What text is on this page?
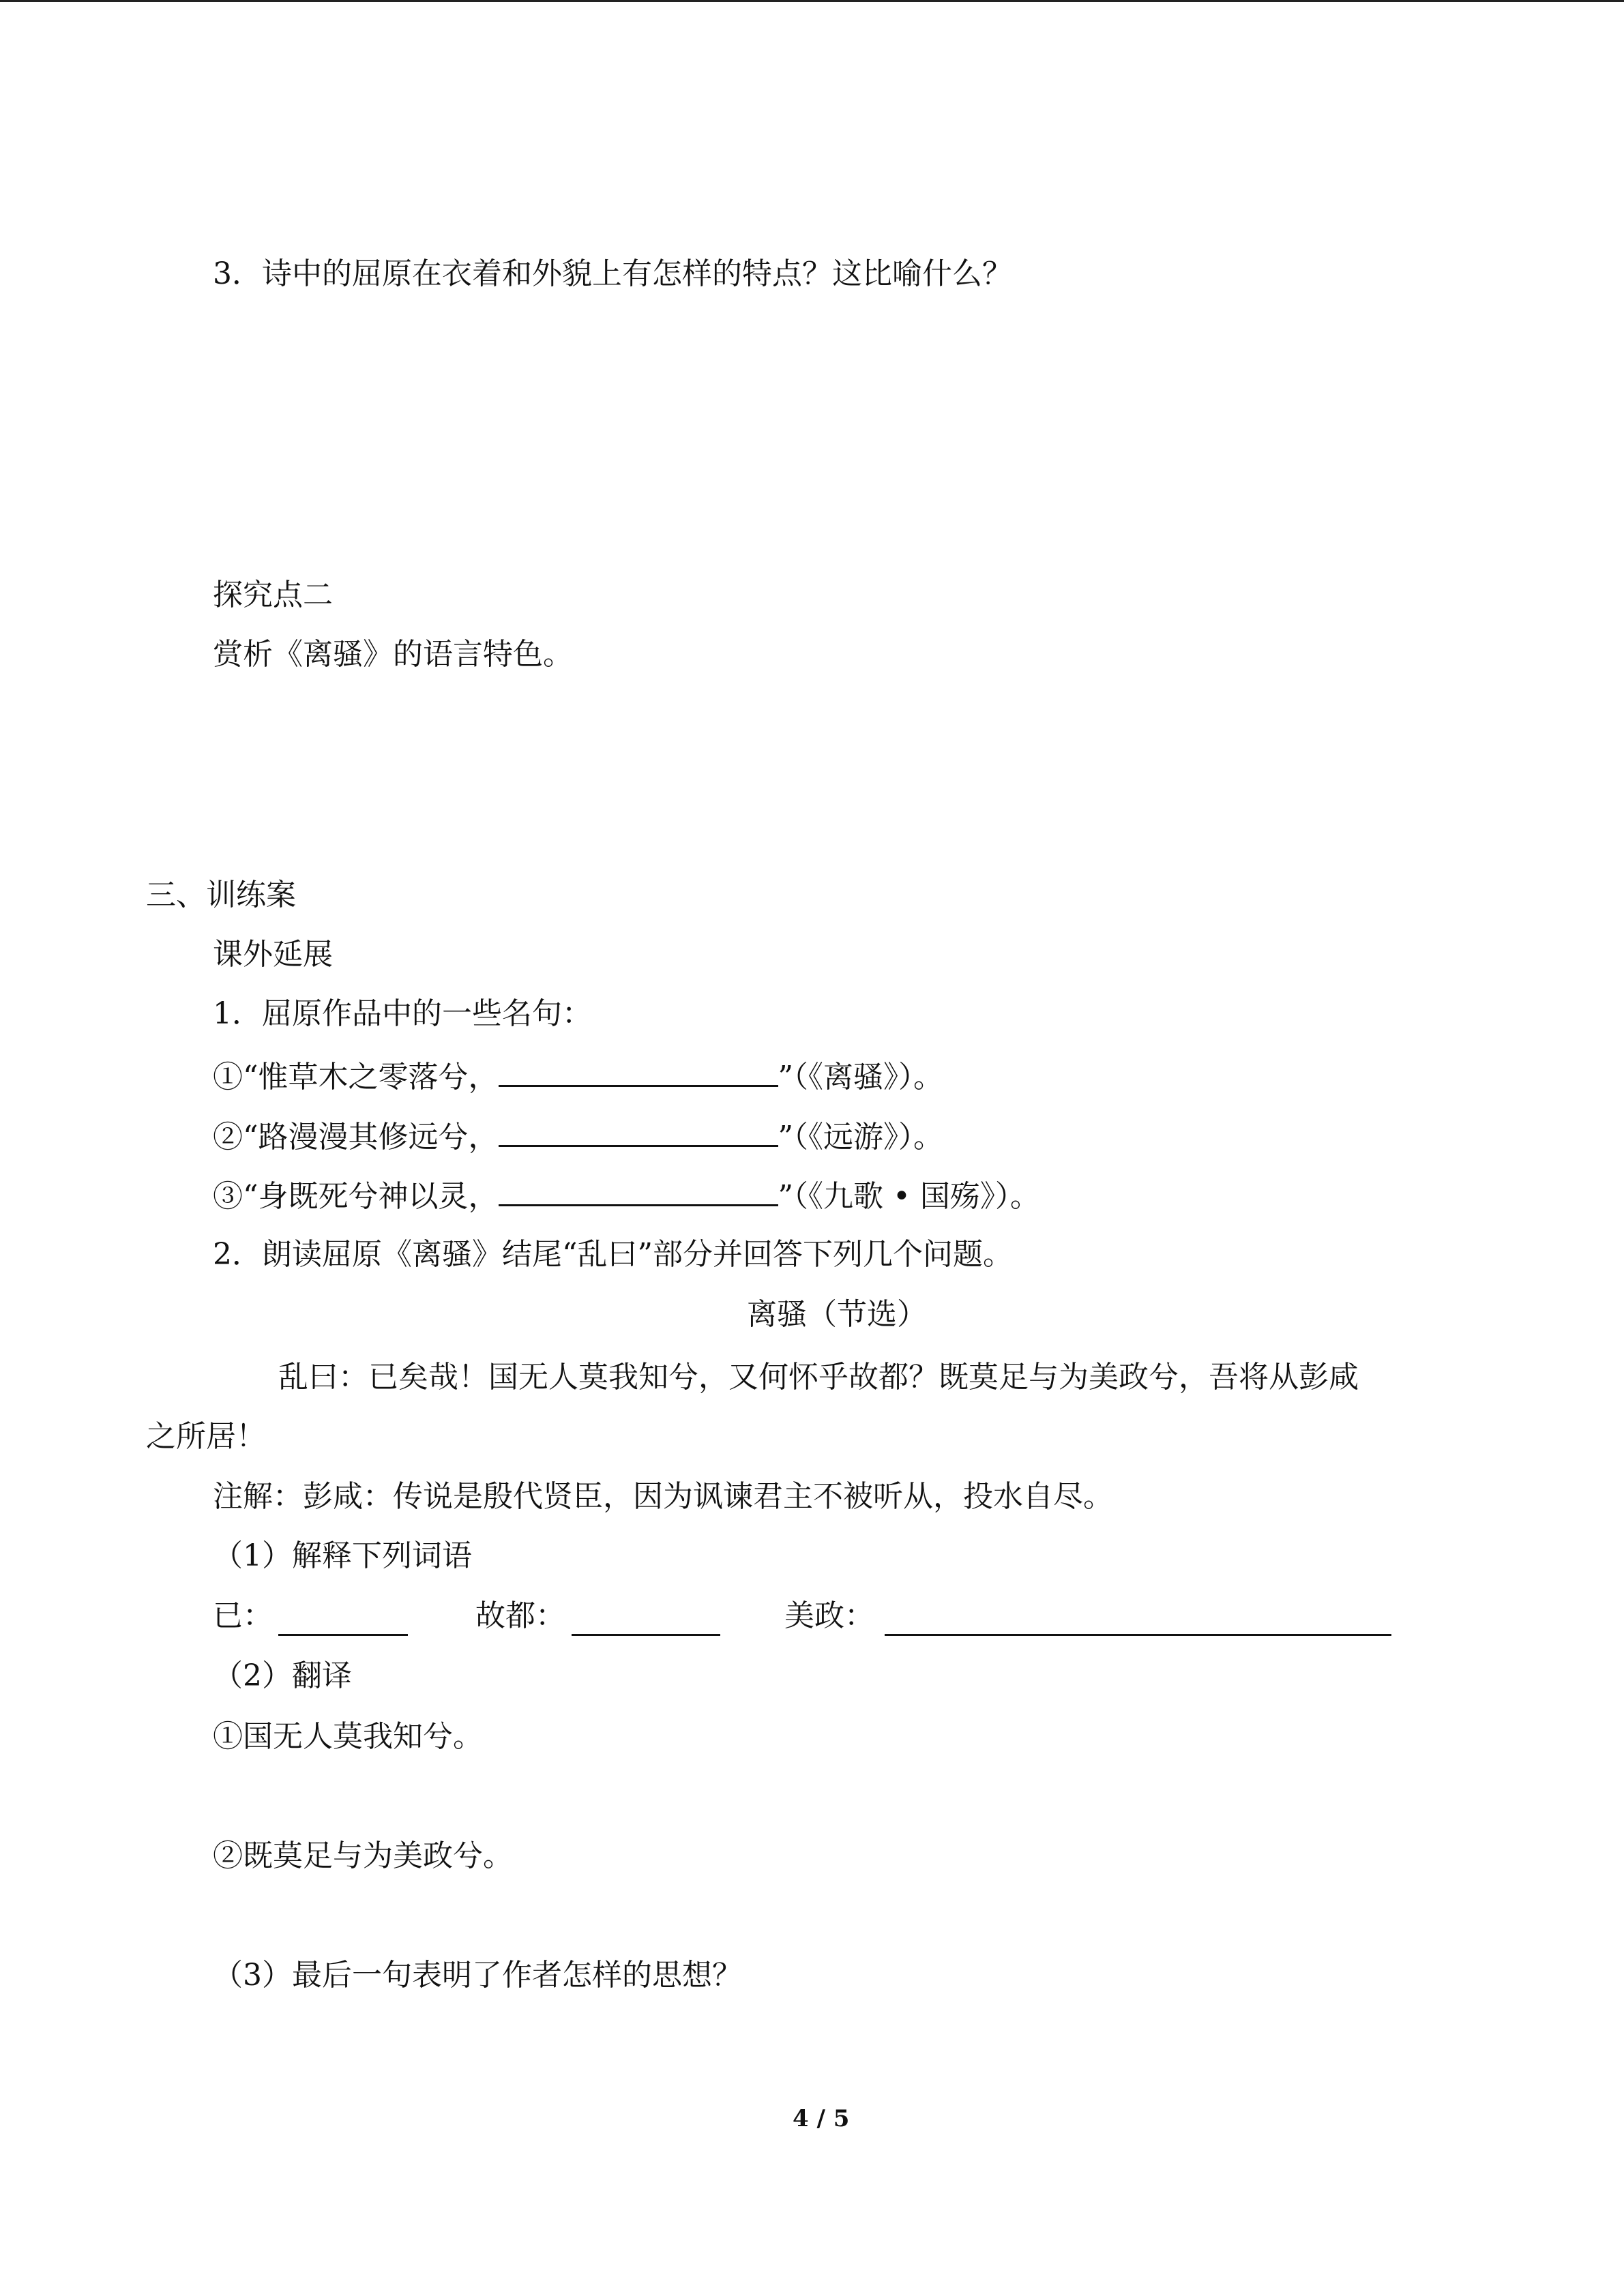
3．诗中的屈原在衣着和外貌上有怎样的特点？这比喻什么？
探究点二
赏析《离骚》的语言特色。
三、训练案
课外延展
1．屈原作品中的一些名句：
①“惟草木之零落兮，	”（《离骚》）。
②“路漫漫其修远兮，	”（《远游》）。
③“身既死兮神以灵，	”（《九歌 • 国殇》）。
2．朗读屈原《离骚》结尾“乱曰”部分并回答下列几个问题。
离骚（节选）
乱曰：已矣哉！国无人莫我知兮，又何怀乎故都？既莫足与为美政兮，吾将从彭咸
之所居！
注解：彭咸：传说是殷代贤臣，因为讽谏君主不被听从，投水自尽。
（1）解释下列词语
已：	故都：	美政：
（2）翻译
①国无人莫我知兮。
②既莫足与为美政兮。
（3）最后一句表明了作者怎样的思想？
4 / 5
